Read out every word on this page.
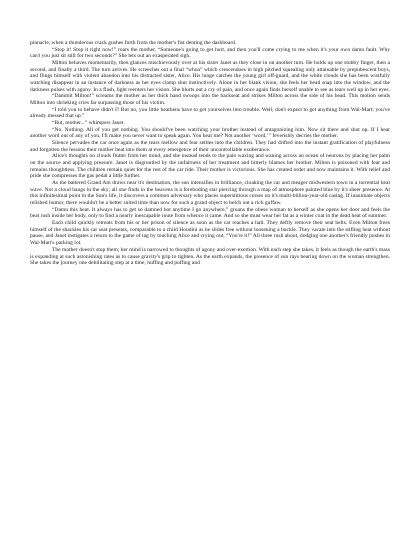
pinnacle, when a thunderous crack gushes forth from the mother's fist denting the dashboard.

“Stop it! Stop it right now!” roars the mother. “Someone's going to get hurt, and then you'll come crying to me when it's your own damn fault. Why can't you just sit still for two seconds?” She lets out an exasperated sigh.

Milton behaves momentarily, then glances mischievously over at his sister Janet as they close in on another turn. He holds up one stubby finger, then a second, and finally a third. The turn arrives. He screeches out a final “whoa” which crescendoes in high pitched squealing only attainable by prepubescent boys, and flings himself with violent abandon into his distracted sister, Alice. His lunge catches the young girl off-guard, and the white clouds she has been wistfully watching disappear in an instance of darkness as her eyes clamp shut instinctively. Alone in her blank vision, she feels her head snap into the window, and the darkness pulses with agony. In a flash, light reenters her vision. She blurts out a cry of pain, and once again finds herself unable to see as tears well up in her eyes.

“Dammit Milton!” screams the mother as her thick hand swoops into the backseat and strikes Milton across the side of his head. This motion sends Milton into shrieking cries far surpassing those of his victim.

“I told you to behave didn't I? But no, you little heathens have to get yourselves into trouble. Well, don't expect to get anything from Wal-Mart; you've already messed that up.”

“But, mother...” whimpers Janet.

“No. Nothing. All of you get nothing. You should've been watching your brother instead of antagonizing him. Now sit there and shut up. If I hear another word out of any of you, I'll make you never want to speak again. You hear me? Not another ‘word,’” feverishly decries the mother.

Silence pervades the car once again as the tears mellow and fear settles into the children. They had drifted into the instant gratification of playfulness and forgotten the lessons their mother beat into them at every emergence of their uncontrollable exuberance.

Alice's thoughts on clouds flutter from her mind, and she instead tends to the pain waxing and waning across an ocean of neurons by placing her palm on the source and applying pressure. Janet is disgruntled by the unfairness of her treatment and bitterly blames her brother. Milton is poisoned with fear and remains thoughtless. The children remain quiet for the rest of the car ride. Their mother is victorious. She has created order and now maintains it. With relief and pride she compresses the gas pedal a little further.

As the battered Grand Am draws near it's destination, the sun intensifies in brilliance, cloaking the car and meager midwestern town in a torrential heat wave. Not a cloud hangs in the sky; all one finds in the heavens is a foreboding star piercing through a map of atmosphere painted blue by it's sheer presence. At this infinitesimal point in the Sun's life, it discovers a common adversary who places superstitious curses on it's multi-billion-year-old casing. If inanimate objects relished humor, there wouldn't be a better suited time than now for such a grand object to belch out a rich guffaw.

“Damn this heat. It always has to get so damned hot anytime I go anywhere,” groans the obese woman to herself as she opens her door and feels the beat rush inside her body, only to find a nearly inescapable route from whence it came. And so she must wear her fat as a winter coat in the dead heat of summer.

Each child quickly retreats from his or her prison of silence as soon as the car reaches a halt. They deftly remove their seat belts. Even Milton frees himself of the shackles his car seat presents, comparable to a child Houdini as he slides free without loosening a buckle. They vacate into the stifling heat without pause, and Janet instigates a return to the game of tag by touching Alice and crying out, “You're it!” All three rush about, dodging one another's friendly pushes in Wal-Mart's parking lot.

The mother doesn't stop them; her mind is narrowed to thoughts of agony and over-exertion. With each step she takes, it feels as though the earth's mass is expanding at such astonishing rates as to cause gravity's grip to tighten. As the earth expands, the presence of sun rays bearing down on the woman strengthen. She takes the journey one debilitating step at a time, huffing and puffing and
